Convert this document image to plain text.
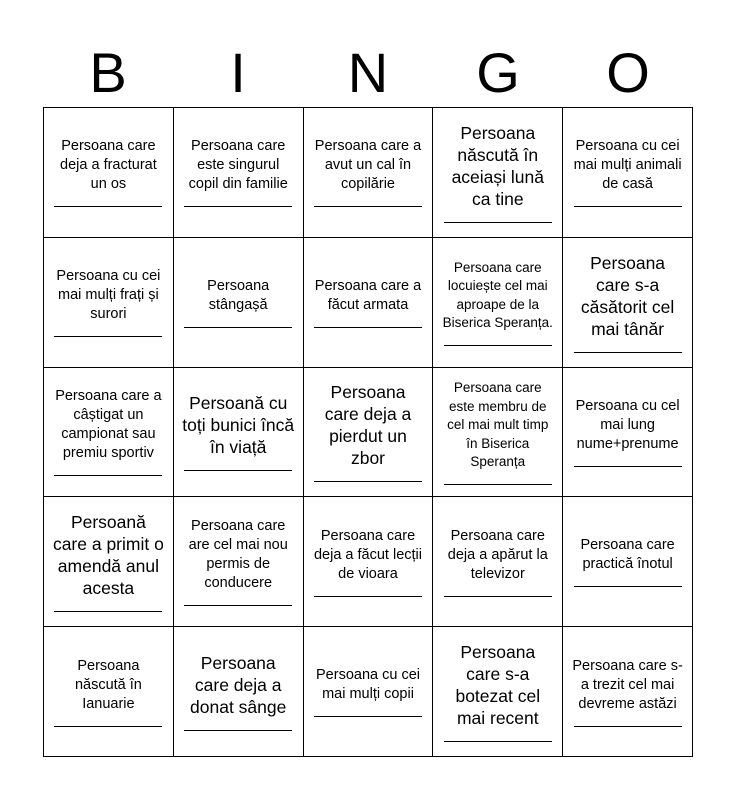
B	I	N	G	O
Persoana care deja a fracturat un os
Persoana care este singurul copil din familie
Persoana care a avut un cal în copilărie
Persoana născută în aceiași lună ca tine
Persoana cu cei mai mulți animali de casă
Persoana cu cei mai mulți frați și surori
Persoana stângașă
Persoana care a făcut armata
Persoana care locuiește cel mai aproape de la Biserica Speranța.
Persoana care s-a căsătorit cel mai tânăr
Persoana care a câștigat un campionat sau premiu sportiv
Persoană cu toți bunici încă în viață
Persoana care deja a pierdut un zbor
Persoana care este membru de cel mai mult timp în Biserica Speranța
Persoana cu cel mai lung nume+prenume
Persoană care a primit o amendă anul acesta
Persoana care are cel mai nou permis de conducere
Persoana care deja a făcut lecții de vioara
Persoana care deja a apărut la televizor
Persoana care practică înotul
Persoana născută în Ianuarie
Persoana care deja a donat sânge
Persoana cu cei mai mulți copii
Persoana care s-a botezat cel mai recent
Persoana care s-a trezit cel mai devreme astăzi
